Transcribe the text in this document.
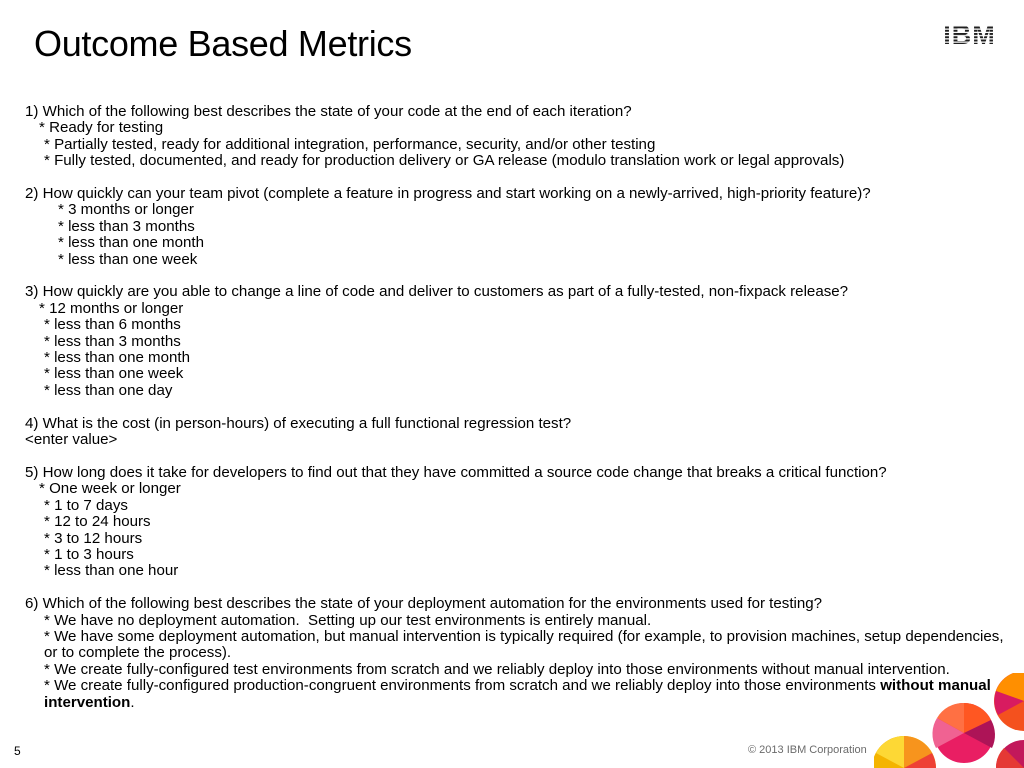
Outcome Based Metrics

1) Which of the following best describes the state of your code at the end of each iteration?

* Ready for testing

* Partially tested, ready for additional integration, performance, security, and/or other testing

* Fully tested, documented, and ready for production delivery or GA release (modulo translation work or legal approvals)

2) How quickly can your team pivot (complete a feature in progress and start working on a newly-arrived, high-priority feature)?

* 3 months or longer

* less than 3 months

* less than one month

* less than one week

3) How quickly are you able to change a line of code and deliver to customers as part of a fully-tested, non-fixpack release?

* 12 months or longer

* less than 6 months

* less than 3 months

* less than one month

* less than one week

* less than one day

4) What is the cost (in person-hours) of executing a full functional regression test?

<enter value>

5) How long does it take for developers to find out that they have committed a source code change that breaks a critical function?

* One week or longer

* 1 to 7 days

* 12 to 24 hours

* 3 to 12 hours

* 1 to 3 hours

* less than one hour

6) Which of the following best describes the state of your deployment automation for the environments used for testing?

* We have no deployment automation.  Setting up our test environments is entirely manual.

* We have some deployment automation, but manual intervention is typically required (for example, to provision machines, setup dependencies, or to complete the process).

* We create fully-configured test environments from scratch and we reliably deploy into those environments without manual intervention.

* We create fully-configured production-congruent environments from scratch and we reliably deploy into those environments without manual intervention.

5	© 2013 IBM Corporation
